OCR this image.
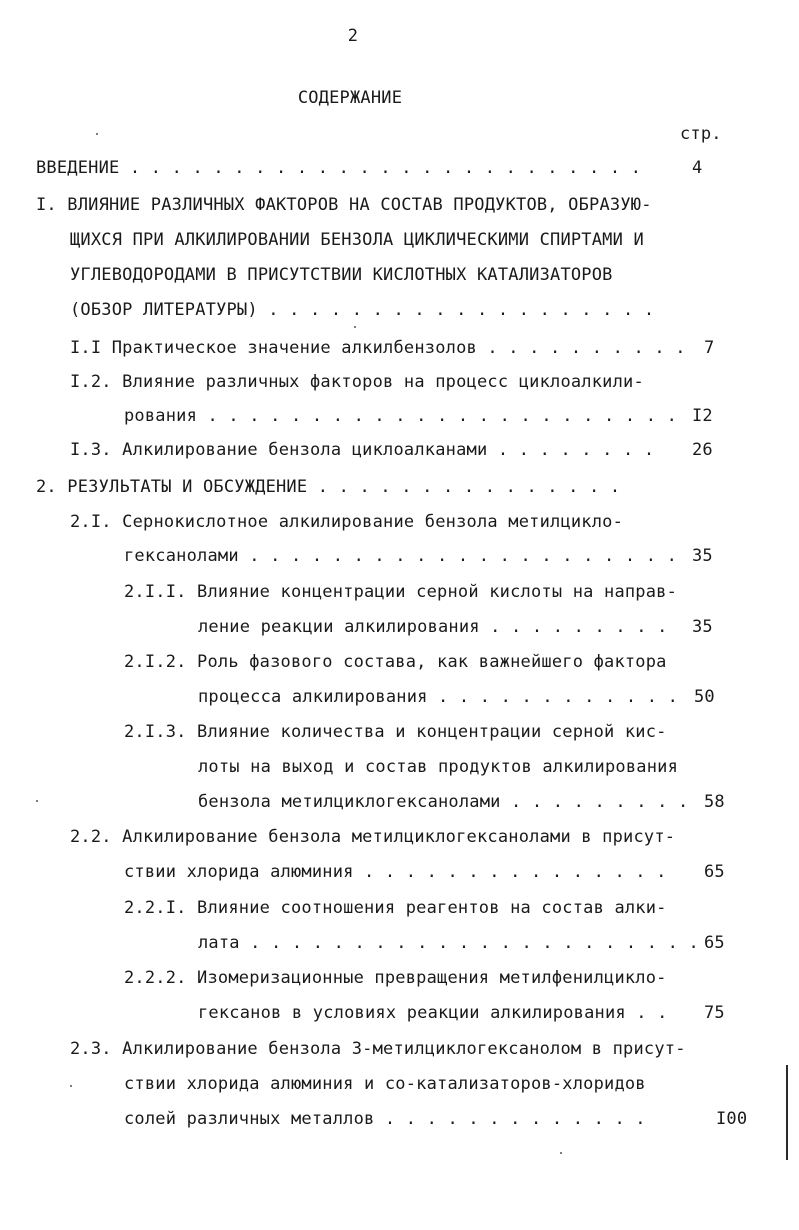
2
СОДЕРЖАНИЕ
стр.
ВВЕДЕНИЕ . . . . . . . . . . . . . . . . . . . . . . . . .	4
I. ВЛИЯНИЕ РАЗЛИЧНЫХ ФАКТОРОВ НА СОСТАВ ПРОДУКТОВ, ОБРАЗУЮ-
ЩИХСЯ ПРИ АЛКИЛИРОВАНИИ БЕНЗОЛА ЦИКЛИЧЕСКИМИ СПИРТАМИ И
УГЛЕВОДОРОДАМИ В ПРИСУТСТВИИ КИСЛОТНЫХ КАТАЛИЗАТОРОВ
(ОБЗОР ЛИТЕРАТУРЫ) . . . . . . . . . . . . . . . . . . .
I.I Практическое значение алкилбензолов . . . . . . . . . . 7
I.2. Влияние различных факторов на процесс циклоалкили-
рования . . . . . . . . . . . . . . . . . . . . . . . I2
I.3. Алкилирование бензола циклоалканами . . . . . . . . 26
2. РЕЗУЛЬТАТЫ И ОБСУЖДЕНИЕ . . . . . . . . . . . . . . .
2.I. Сернокислотное алкилирование бензола метилцикло-
гексанолами . . . . . . . . . . . . . . . . . . . . . 35
2.I.I. Влияние концентрации серной кислоты на направ-
ление реакции алкилирования . . . . . . . . . 35
2.I.2. Роль фазового состава, как важнейшего фактора
процесса алкилирования . . . . . . . . . . . . 50
2.I.3. Влияние количества и концентрации серной кис-
лоты на выход и состав продуктов алкилирования
бензола метилциклогексанолами . . . . . . . . . 58
2.2. Алкилирование бензола метилциклогексанолами в присут-
ствии хлорида алюминия . . . . . . . . . . . . . . . 65
2.2.I. Влияние соотношения реагентов на состав алки-
лата . . . . . . . . . . . . . . . . . . . . . . 65
2.2.2. Изомеризационные превращения метилфенилцикло-
гексанов в условиях реакции алкилирования . . 75
2.3. Алкилирование бензола 3-метилциклогексанолом в присут-
ствии хлорида алюминия и со-катализаторов-хлоридов
солей различных металлов . . . . . . . . . . . . .	I00
